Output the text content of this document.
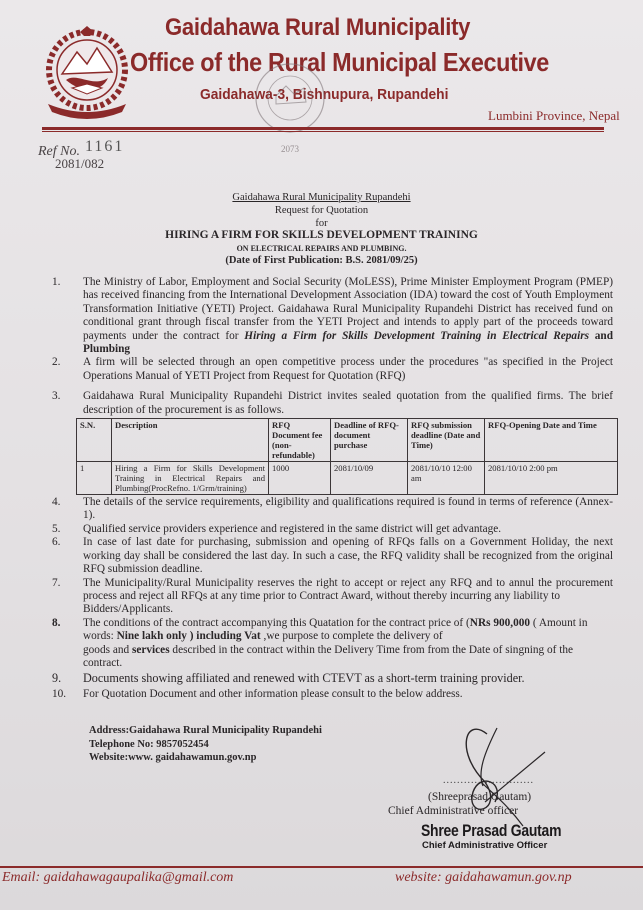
Gaidahawa Rural Municipality
Office of the Rural Municipal Executive
Gaidahawa-3, Bishnupura, Rupandehi
Lumbini Province, Nepal
2073
Ref No. 1161
2081/082
Gaidahawa Rural Municipality Rupandehi
Request for Quotation
for
HIRING A FIRM FOR SKILLS DEVELOPMENT TRAINING
ON ELECTRICAL REPAIRS AND PLUMBING.
(Date of First Publication: B.S. 2081/09/25)
1.	The Ministry of Labor, Employment and Social Security (MoLESS), Prime Minister Employment Program (PMEP) has received financing from the International Development Association (IDA) toward the cost of Youth Employment Transformation Initiative (YETI) Project. Gaidahawa Rural Municipality Rupandehi District has received fund on conditional grant through fiscal transfer from the YETI Project and intends to apply part of the proceeds toward payments under the contract for Hiring a Firm for Skills Development Training in Electrical Repairs and Plumbing
2.	A firm will be selected through an open competitive process under the procedures "as specified in the Project Operations Manual of YETI Project from Request for Quotation (RFQ)
3.	Gaidahawa Rural Municipality Rupandehi District invites sealed quotation from the qualified firms. The brief description of the procurement is as follows.
S.N.	Description	RFQ Document fee (non-refundable)	Deadline of RFQ-document purchase	RFQ submission deadline (Date and Time)	RFQ-Opening Date and Time
1	Hiring a Firm for Skills Development Training in Electrical Repairs and Plumbing(ProcRefno. 1/Grm/training)	1000	2081/10/09	2081/10/10 12:00 am	2081/10/10 2:00 pm
4.	The details of the service requirements, eligibility and qualifications required is found in terms of reference (Annex-1).
5.	Qualified service providers experience and registered in the same district will get advantage.
6.	In case of last date for purchasing, submission and opening of RFQs falls on a Government Holiday, the next working day shall be considered the last day. In such a case, the RFQ validity shall be recognized from the original RFQ submission deadline.
7.	The Municipality/Rural Municipality reserves the right to accept or reject any RFQ and to annul the procurement process and reject all RFQs at any time prior to Contract Award, without thereby incurring any liability to
Bidders/Applicants.
8.	The conditions of the contract accompanying this Quatation for the contract price of (NRs 900,000 ( Amount in words: Nine lakh only ) including Vat ,we purpose to complete the delivery of
goods and services described in the contract within the Delivery Time from from the Date of singning of the contract.
9.	Documents showing affiliated and renewed with CTEVT as a short-term training provider.
10.	For Quotation Document and other information please consult to the below address.
Address:Gaidahawa Rural Municipality Rupandehi
Telephone No: 9857052454
Website:www. gaidahawamun.gov.np
..........................
(Shreeprasad Gautam)
Chief Administrative officer
Shree Prasad Gautam
Chief Administrative Officer
Email: gaidahawagaupalika@gmail.com	website: gaidahawamun.gov.np
